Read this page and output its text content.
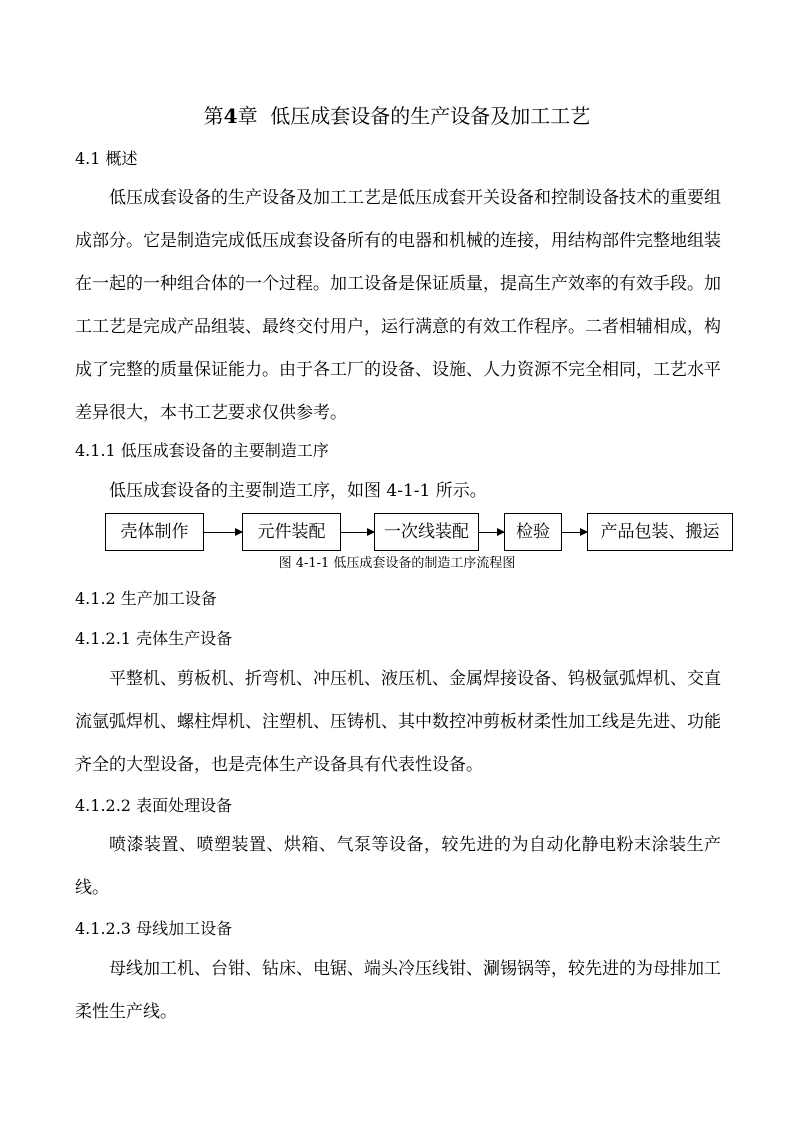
第4章  低压成套设备的生产设备及加工工艺
4.1 概述

低压成套设备的生产设备及加工工艺是低压成套开关设备和控制设备技术的重要组成部分。它是制造完成低压成套设备所有的电器和机械的连接，用结构部件完整地组装在一起的一种组合体的一个过程。加工设备是保证质量，提高生产效率的有效手段。加工工艺是完成产品组装、最终交付用户，运行满意的有效工作程序。二者相辅相成，构成了完整的质量保证能力。由于各工厂的设备、设施、人力资源不完全相同，工艺水平差异很大，本书工艺要求仅供参考。

4.1.1 低压成套设备的主要制造工序

低压成套设备的主要制造工序，如图 4-1-1 所示。

壳体制作	元件装配	一次线装配	检验	产品包装、搬运
图 4-1-1 低压成套设备的制造工序流程图
4.1.2 生产加工设备
4.1.2.1 壳体生产设备

平整机、剪板机、折弯机、冲压机、液压机、金属焊接设备、钨极氩弧焊机、交直流氩弧焊机、螺柱焊机、注塑机、压铸机、其中数控冲剪板材柔性加工线是先进、功能齐全的大型设备，也是壳体生产设备具有代表性设备。

4.1.2.2 表面处理设备

喷漆装置、喷塑装置、烘箱、气泵等设备，较先进的为自动化静电粉末涂装生产线。

4.1.2.3 母线加工设备

母线加工机、台钳、钻床、电锯、端头冷压线钳、涮锡锅等，较先进的为母排加工柔性生产线。
